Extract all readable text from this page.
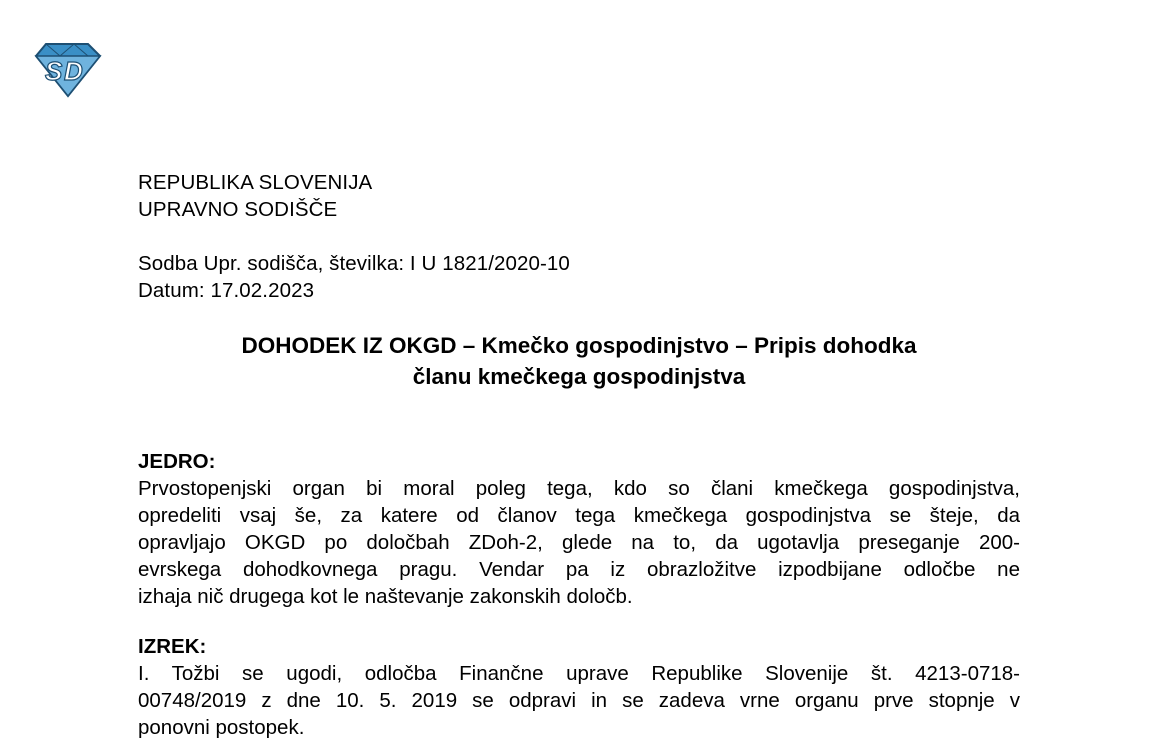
S D
REPUBLIKA SLOVENIJA
UPRAVNO SODIŠČE
Sodba Upr. sodišča, številka: I U 1821/2020-10
Datum: 17.02.2023
DOHODEK IZ OKGD – Kmečko gospodinjstvo – Pripis dohodka
članu kmečkega gospodinjstva
JEDRO:
Prvostopenjski organ bi moral poleg tega, kdo so člani kmečkega gospodinjstva,
opredeliti vsaj še, za katere od članov tega kmečkega gospodinjstva se šteje, da
opravljajo OKGD po določbah ZDoh-2, glede na to, da ugotavlja preseganje 200-
evrskega dohodkovnega pragu. Vendar pa iz obrazložitve izpodbijane odločbe ne
izhaja nič drugega kot le naštevanje zakonskih določb.
IZREK:
I. Tožbi se ugodi, odločba Finančne uprave Republike Slovenije št. 4213-0718-
00748/2019 z dne 10. 5. 2019 se odpravi in se zadeva vrne organu prve stopnje v
ponovni postopek.
